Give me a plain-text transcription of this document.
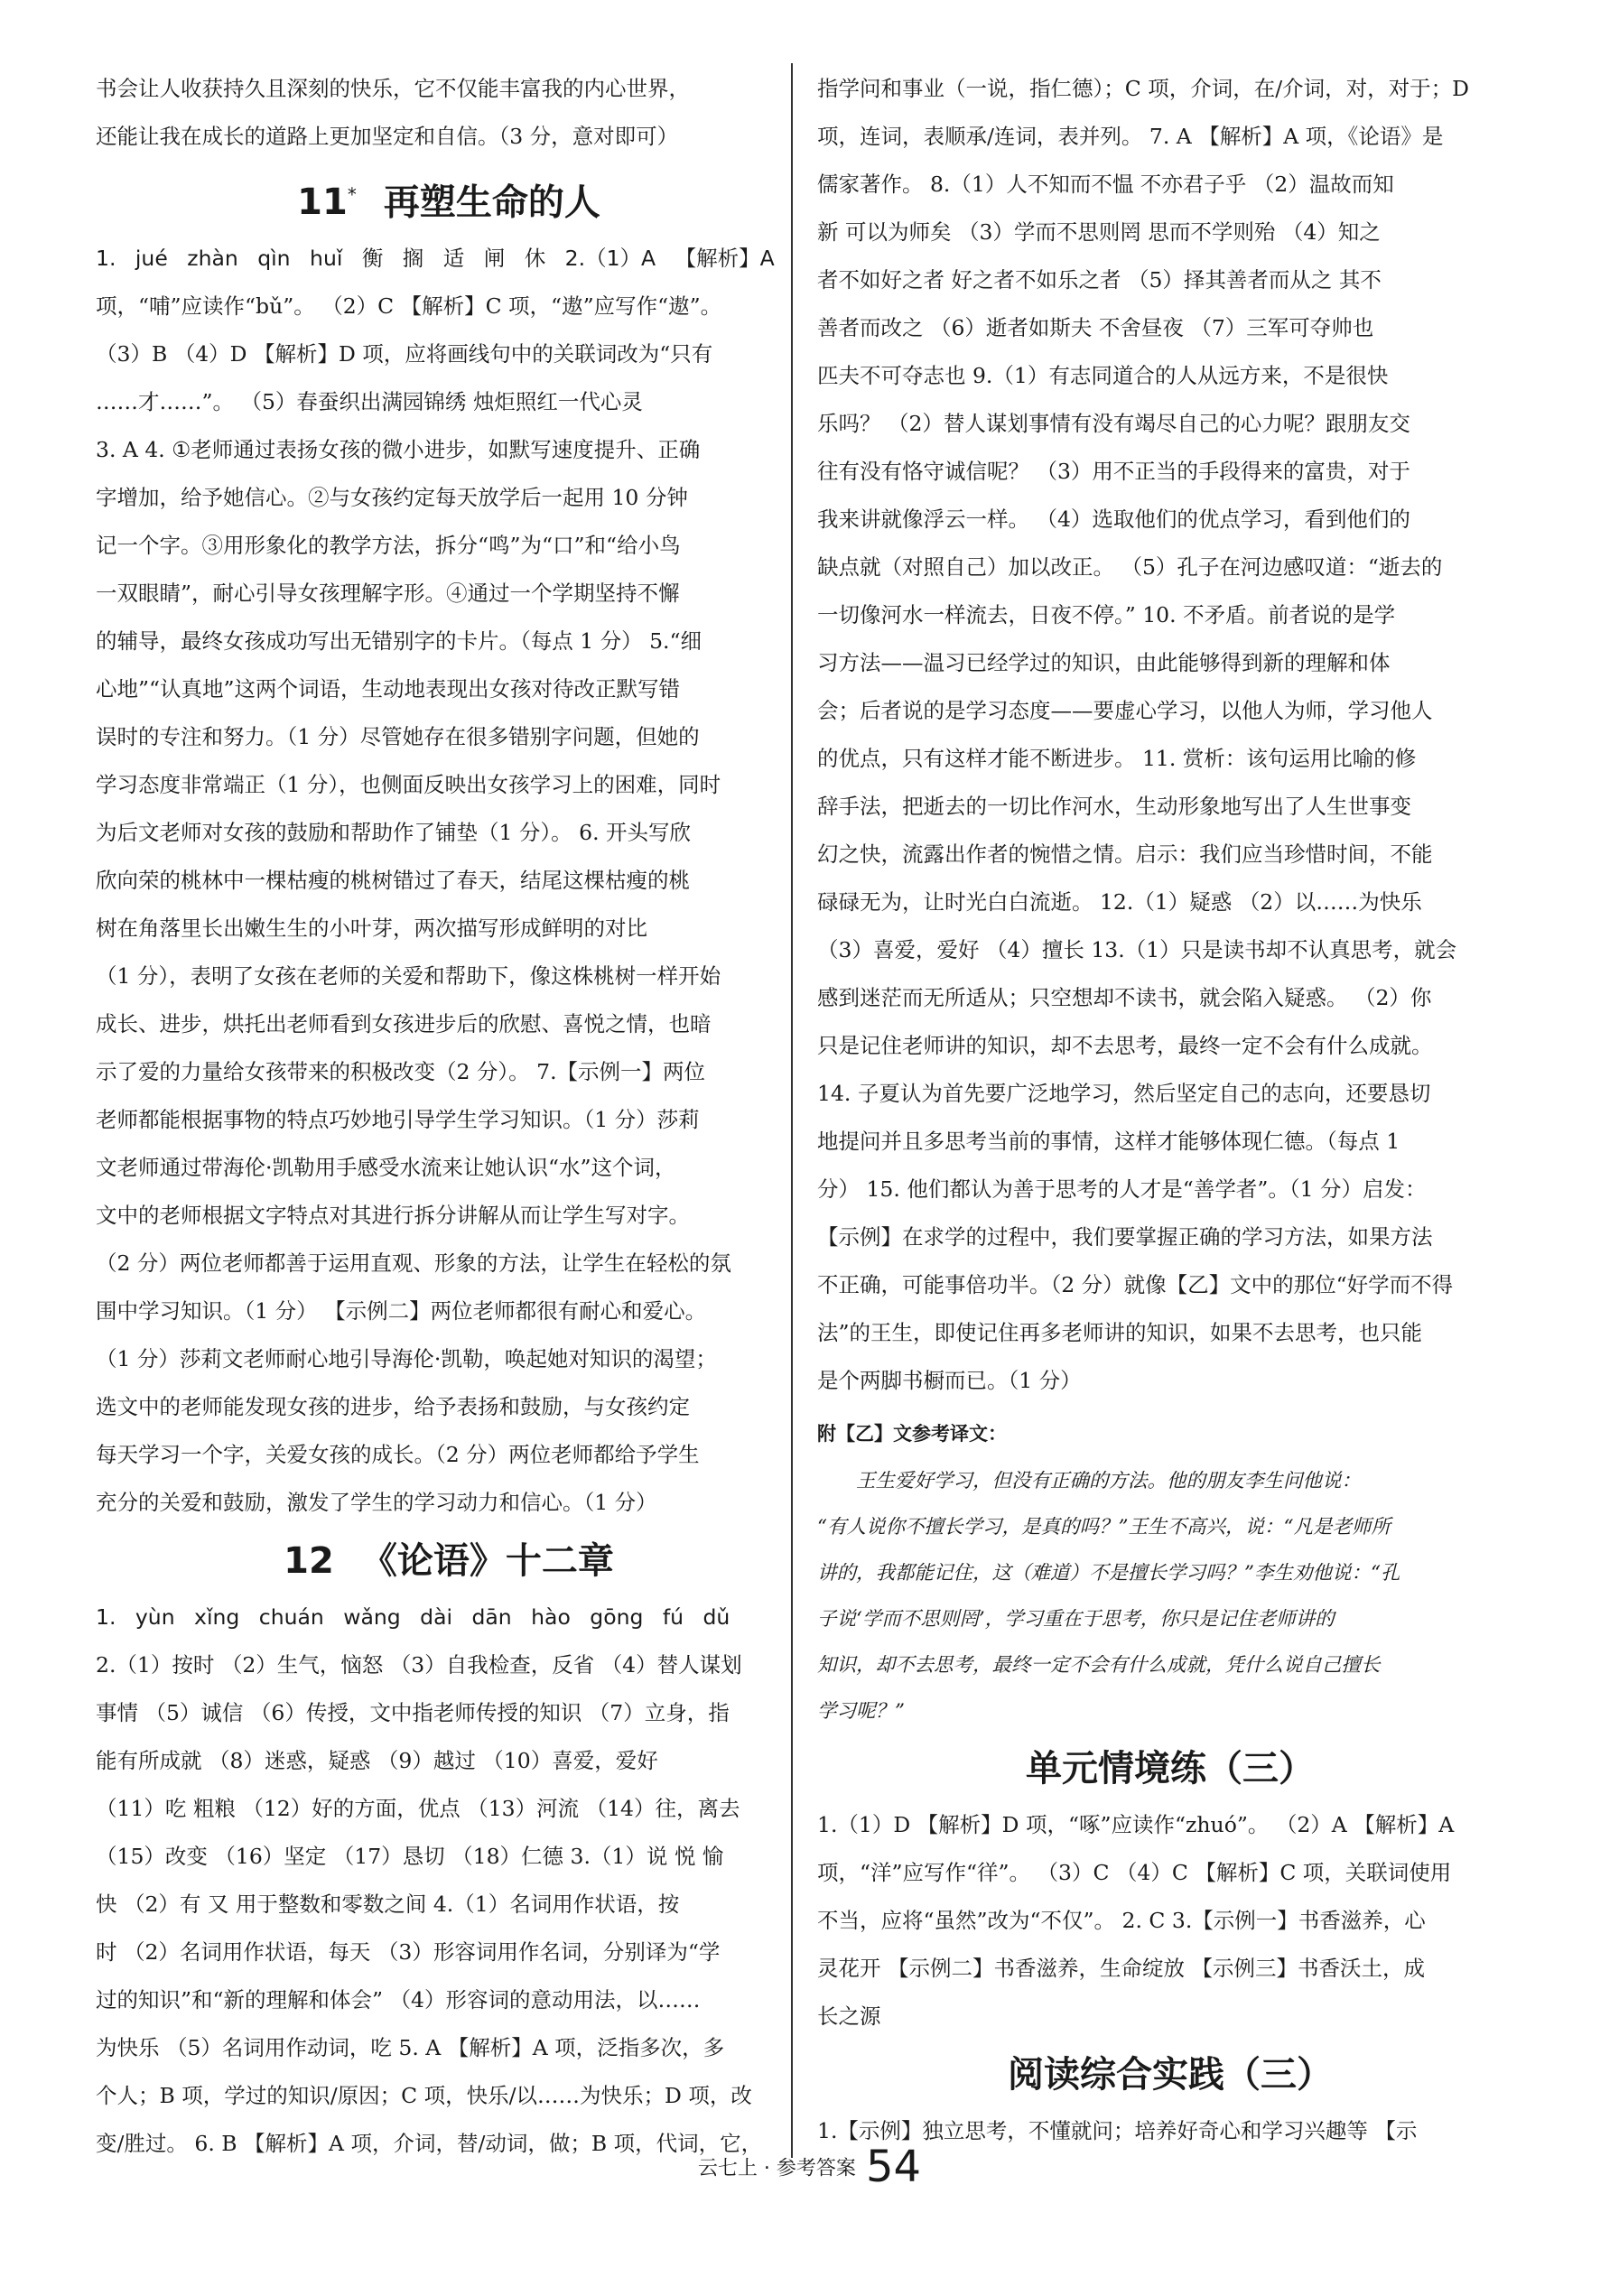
书会让人收获持久且深刻的快乐，它不仅能丰富我的内心世界，

还能让我在成长的道路上更加坚定和自信。（3 分，意对即可）

11* 再塑生命的人

1. jué zhàn qìn huǐ 衡 搁 适 闸 休 2.（1）A 【解析】A

项，“哺”应读作“bǔ”。 （2）C 【解析】C 项，“遨”应写作“遨”。

（3）B （4）D 【解析】D 项，应将画线句中的关联词改为“只有

……才……”。 （5）春蚕织出满园锦绣 烛炬照红一代心灵

3. A 4. ①老师通过表扬女孩的微小进步，如默写速度提升、正确

字增加，给予她信心。②与女孩约定每天放学后一起用 10 分钟

记一个字。③用形象化的教学方法，拆分“鸣”为“口”和“给小鸟

一双眼睛”，耐心引导女孩理解字形。④通过一个学期坚持不懈

的辅导，最终女孩成功写出无错别字的卡片。（每点 1 分） 5.“细

心地”“认真地”这两个词语，生动地表现出女孩对待改正默写错

误时的专注和努力。（1 分）尽管她存在很多错别字问题，但她的

学习态度非常端正（1 分），也侧面反映出女孩学习上的困难，同时

为后文老师对女孩的鼓励和帮助作了铺垫（1 分）。 6. 开头写欣

欣向荣的桃林中一棵枯瘦的桃树错过了春天，结尾这棵枯瘦的桃

树在角落里长出嫩生生的小叶芽，两次描写形成鲜明的对比

（1 分），表明了女孩在老师的关爱和帮助下，像这株桃树一样开始

成长、进步，烘托出老师看到女孩进步后的欣慰、喜悦之情，也暗

示了爱的力量给女孩带来的积极改变（2 分）。 7.【示例一】两位

老师都能根据事物的特点巧妙地引导学生学习知识。（1 分）莎莉

文老师通过带海伦·凯勒用手感受水流来让她认识“水”这个词，

文中的老师根据文字特点对其进行拆分讲解从而让学生写对字。

（2 分）两位老师都善于运用直观、形象的方法，让学生在轻松的氛

围中学习知识。（1 分） 【示例二】两位老师都很有耐心和爱心。

（1 分）莎莉文老师耐心地引导海伦·凯勒，唤起她对知识的渴望；

选文中的老师能发现女孩的进步，给予表扬和鼓励，与女孩约定

每天学习一个字，关爱女孩的成长。（2 分）两位老师都给予学生

充分的关爱和鼓励，激发了学生的学习动力和信心。（1 分）

12 《论语》十二章

1. yùn xǐng chuán wǎng dài dān hào gōng fú dǔ

2.（1）按时 （2）生气，恼怒 （3）自我检查，反省 （4）替人谋划

事情 （5）诚信 （6）传授，文中指老师传授的知识 （7）立身，指

能有所成就 （8）迷惑，疑惑 （9）越过 （10）喜爱，爱好

（11）吃 粗粮 （12）好的方面，优点 （13）河流 （14）往，离去

（15）改变 （16）坚定 （17）恳切 （18）仁德 3.（1）说 悦 愉

快 （2）有 又 用于整数和零数之间 4.（1）名词用作状语，按

时 （2）名词用作状语，每天 （3）形容词用作名词，分别译为“学

过的知识”和“新的理解和体会” （4）形容词的意动用法，以……

为快乐 （5）名词用作动词，吃 5. A 【解析】A 项，泛指多次，多

个人；B 项，学过的知识/原因；C 项，快乐/以……为快乐；D 项，改

变/胜过。 6. B 【解析】A 项，介词，替/动词，做；B 项，代词，它，

指学问和事业（一说，指仁德）；C 项，介词，在/介词，对，对于；D

项，连词，表顺承/连词，表并列。 7. A 【解析】A 项，《论语》是

儒家著作。 8.（1）人不知而不愠 不亦君子乎 （2）温故而知

新 可以为师矣 （3）学而不思则罔 思而不学则殆 （4）知之

者不如好之者 好之者不如乐之者 （5）择其善者而从之 其不

善者而改之 （6）逝者如斯夫 不舍昼夜 （7）三军可夺帅也

匹夫不可夺志也 9.（1）有志同道合的人从远方来，不是很快

乐吗？ （2）替人谋划事情有没有竭尽自己的心力呢？跟朋友交

往有没有恪守诚信呢？ （3）用不正当的手段得来的富贵，对于

我来讲就像浮云一样。 （4）选取他们的优点学习，看到他们的

缺点就（对照自己）加以改正。 （5）孔子在河边感叹道：“逝去的

一切像河水一样流去，日夜不停。” 10. 不矛盾。前者说的是学

习方法——温习已经学过的知识，由此能够得到新的理解和体

会；后者说的是学习态度——要虚心学习，以他人为师，学习他人

的优点，只有这样才能不断进步。 11. 赏析：该句运用比喻的修

辞手法，把逝去的一切比作河水，生动形象地写出了人生世事变

幻之快，流露出作者的惋惜之情。启示：我们应当珍惜时间，不能

碌碌无为，让时光白白流逝。 12.（1）疑惑 （2）以……为快乐

（3）喜爱，爱好 （4）擅长 13.（1）只是读书却不认真思考，就会

感到迷茫而无所适从；只空想却不读书，就会陷入疑惑。 （2）你

只是记住老师讲的知识，却不去思考，最终一定不会有什么成就。

14. 子夏认为首先要广泛地学习，然后坚定自己的志向，还要恳切

地提问并且多思考当前的事情，这样才能够体现仁德。（每点 1

分） 15. 他们都认为善于思考的人才是“善学者”。（1 分）启发：

【示例】在求学的过程中，我们要掌握正确的学习方法，如果方法

不正确，可能事倍功半。（2 分）就像【乙】文中的那位“好学而不得

法”的王生，即使记住再多老师讲的知识，如果不去思考，也只能

是个两脚书橱而已。（1 分）

附【乙】文参考译文：

王生爱好学习，但没有正确的方法。他的朋友李生问他说：

“有人说你不擅长学习，是真的吗？”王生不高兴，说：“凡是老师所

讲的，我都能记住，这（难道）不是擅长学习吗？”李生劝他说：“孔

子说‘学而不思则罔’，学习重在于思考，你只是记住老师讲的

知识，却不去思考，最终一定不会有什么成就，凭什么说自己擅长

学习呢？”

单元情境练（三）

1.（1）D 【解析】D 项，“啄”应读作“zhuó”。 （2）A 【解析】A

项，“洋”应写作“徉”。 （3）C （4）C 【解析】C 项，关联词使用

不当，应将“虽然”改为“不仅”。 2. C 3.【示例一】书香滋养，心

灵花开 【示例二】书香滋养，生命绽放 【示例三】书香沃土，成

长之源

阅读综合实践（三）

1.【示例】独立思考，不懂就问；培养好奇心和学习兴趣等 【示

云七上 · 参考答案 54
